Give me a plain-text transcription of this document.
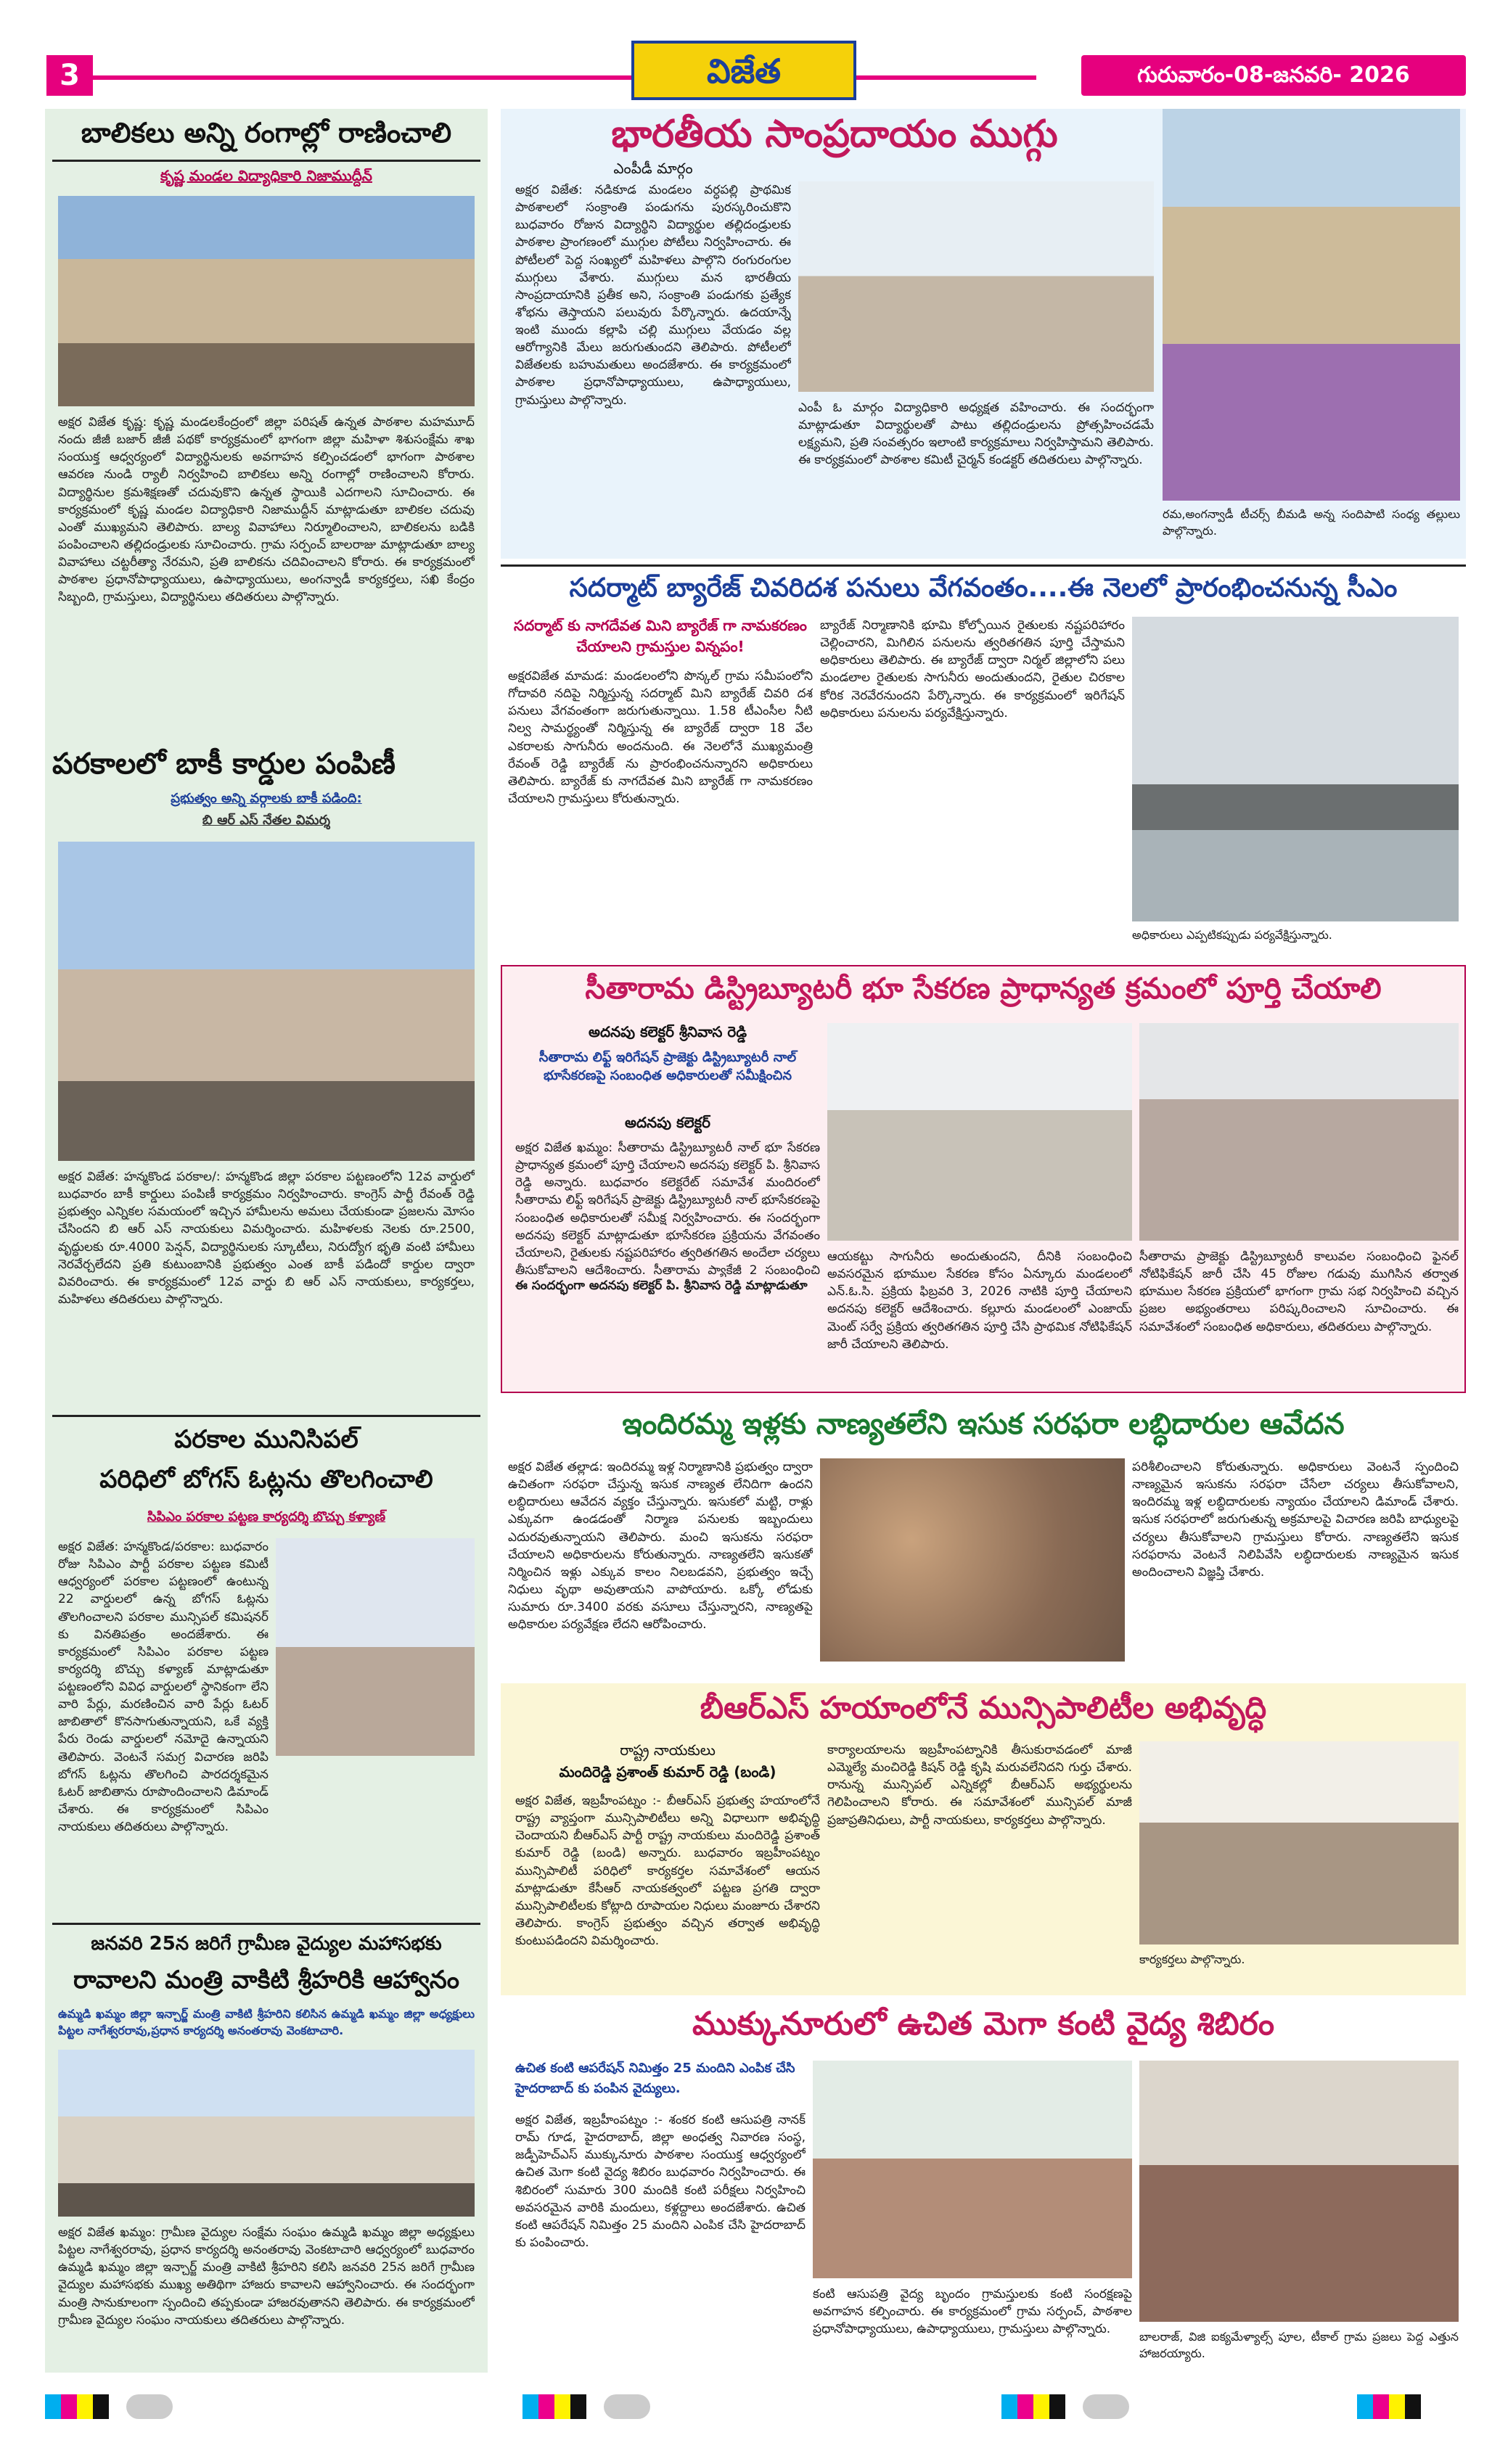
3	విజేత	గురువారం-08-జనవరి- 2026
బాలికలు అన్ని రంగాల్లో రాణించాలి
కృష్ణ మండల విద్యాధికారి నిజాముద్దీన్
అక్షర విజేత కృష్ణ: కృష్ణ మండలకేంద్రంలో జిల్లా పరిషత్ ఉన్నత పాఠశాల మహమూద్ నందు జీజీ బజార్ జీజీ పథకో కార్యక్రమంలో భాగంగా జిల్లా మహిళా శిశుసంక్షేమ శాఖ సంయుక్త ఆధ్వర్యంలో విద్యార్థినులకు అవగాహన కల్పించడంలో భాగంగా పాఠశాల ఆవరణ నుండి ర్యాలీ నిర్వహించి బాలికలు అన్ని రంగాల్లో రాణించాలని కోరారు. విద్యార్థినుల క్రమశిక్షణతో చదువుకొని ఉన్నత స్థాయికి ఎదగాలని సూచించారు. ఈ కార్యక్రమంలో కృష్ణ మండల విద్యాధికారి నిజాముద్దీన్ మాట్లాడుతూ బాలికల చదువు ఎంతో ముఖ్యమని తెలిపారు. బాల్య వివాహాలు నిర్మూలించాలని, బాలికలను బడికి పంపించాలని తల్లిదండ్రులకు సూచించారు. గ్రామ సర్పంచ్ బాలరాజు మాట్లాడుతూ బాల్య వివాహాలు చట్టరీత్యా నేరమని, ప్రతి బాలికను చదివించాలని కోరారు. ఈ కార్యక్రమంలో పాఠశాల ప్రధానోపాధ్యాయులు, ఉపాధ్యాయులు, అంగన్వాడీ కార్యకర్తలు, సఖి కేంద్రం సిబ్బంది, గ్రామస్తులు, విద్యార్థినులు తదితరులు పాల్గొన్నారు.
పరకాలలో బాకీ కార్డుల పంపిణీ
ప్రభుత్వం అన్ని వర్గాలకు బాకీ పడింది:
బి ఆర్ ఎస్ నేతల విమర్శ
అక్షర విజేత: హన్మకొండ పరకాల/: హన్మకొండ జిల్లా పరకాల పట్టణంలోని 12వ వార్డులో బుధవారం బాకీ కార్డులు పంపిణీ కార్యక్రమం నిర్వహించారు. కాంగ్రెస్ పార్టీ రేవంత్ రెడ్డి ప్రభుత్వం ఎన్నికల సమయంలో ఇచ్చిన హామీలను అమలు చేయకుండా ప్రజలను మోసం చేసిందని బి ఆర్ ఎస్ నాయకులు విమర్శించారు. మహిళలకు నెలకు రూ.2500, వృద్ధులకు రూ.4000 పెన్షన్, విద్యార్థినులకు స్కూటీలు, నిరుద్యోగ భృతి వంటి హామీలు నెరవేర్చలేదని ప్రతి కుటుంబానికి ప్రభుత్వం ఎంత బాకీ పడిందో కార్డుల ద్వారా వివరించారు. ఈ కార్యక్రమంలో 12వ వార్డు బి ఆర్ ఎస్ నాయకులు, కార్యకర్తలు, మహిళలు తదితరులు పాల్గొన్నారు.
పరకాల మునిసిపల్
పరిధిలో బోగస్ ఓట్లను తొలగించాలి
సిపిఎం పరకాల పట్టణ కార్యదర్శి బొచ్చు కళ్యాణ్
అక్షర విజేత: హన్మకొండ/పరకాల: బుధవారం రోజు సిపిఎం పార్టీ పరకాల పట్టణ కమిటీ ఆధ్వర్యంలో పరకాల పట్టణంలో ఉంటున్న 22 వార్డులలో ఉన్న బోగస్ ఓట్లను తొలగించాలని పరకాల మున్సిపల్ కమిషనర్ కు వినతిపత్రం అందజేశారు. ఈ కార్యక్రమంలో సిపిఎం పరకాల పట్టణ కార్యదర్శి బొచ్చు కళ్యాణ్ మాట్లాడుతూ పట్టణంలోని వివిధ వార్డులలో స్థానికంగా లేని వారి పేర్లు, మరణించిన వారి పేర్లు ఓటర్ జాబితాలో కొనసాగుతున్నాయని, ఒకే వ్యక్తి పేరు రెండు వార్డులలో నమోదై ఉన్నాయని తెలిపారు. వెంటనే సమగ్ర విచారణ జరిపి బోగస్ ఓట్లను తొలగించి పారదర్శకమైన ఓటర్ జాబితాను రూపొందించాలని డిమాండ్ చేశారు. ఈ కార్యక్రమంలో సిపిఎం నాయకులు తదితరులు పాల్గొన్నారు.
జనవరి 25న జరిగే గ్రామీణ వైద్యుల మహాసభకు
రావాలని మంత్రి వాకిటి శ్రీహరికి ఆహ్వానం
ఉమ్మడి ఖమ్మం జిల్లా ఇన్చార్జ్ మంత్రి వాకిటి శ్రీహరిని కలిసిన ఉమ్మడి ఖమ్మం జిల్లా అధ్యక్షులు పిట్టల నాగేశ్వరరావు,ప్రధాన కార్యదర్శి అనంతరావు వెంకటాచారి.
అక్షర విజేత ఖమ్మం: గ్రామీణ వైద్యుల సంక్షేమ సంఘం ఉమ్మడి ఖమ్మం జిల్లా అధ్యక్షులు పిట్టల నాగేశ్వరరావు, ప్రధాన కార్యదర్శి అనంతరావు వెంకటాచారి ఆధ్వర్యంలో బుధవారం ఉమ్మడి ఖమ్మం జిల్లా ఇన్చార్జ్ మంత్రి వాకిటి శ్రీహరిని కలిసి జనవరి 25న జరిగే గ్రామీణ వైద్యుల మహాసభకు ముఖ్య అతిథిగా హాజరు కావాలని ఆహ్వానించారు. ఈ సందర్భంగా మంత్రి సానుకూలంగా స్పందించి తప్పకుండా హాజరవుతానని తెలిపారు. ఈ కార్యక్రమంలో గ్రామీణ వైద్యుల సంఘం నాయకులు తదితరులు పాల్గొన్నారు.
భారతీయ సాంప్రదాయం ముగ్గు
ఎంపీడీ మార్గం
అక్షర విజేత: నడికూడ మండలం వర్ధపల్లి ప్రాథమిక పాఠశాలలో సంక్రాంతి పండుగను పురస్కరించుకొని బుధవారం రోజున విద్యార్థిని విద్యార్థుల తల్లిదండ్రులకు పాఠశాల ప్రాంగణంలో ముగ్గుల పోటీలు నిర్వహించారు. ఈ పోటీలలో పెద్ద సంఖ్యలో మహిళలు పాల్గొని రంగురంగుల ముగ్గులు వేశారు. ముగ్గులు మన భారతీయ సాంప్రదాయానికి ప్రతీక అని, సంక్రాంతి పండుగకు ప్రత్యేక శోభను తెస్తాయని పలువురు పేర్కొన్నారు. ఉదయాన్నే ఇంటి ముందు కల్లాపి చల్లి ముగ్గులు వేయడం వల్ల ఆరోగ్యానికి మేలు జరుగుతుందని తెలిపారు. పోటీలలో విజేతలకు బహుమతులు అందజేశారు. ఈ కార్యక్రమంలో పాఠశాల ప్రధానోపాధ్యాయులు, ఉపాధ్యాయులు, గ్రామస్తులు పాల్గొన్నారు.
ఎంపీ ఓ మార్గం విద్యాధికారి అధ్యక్షత వహించారు. ఈ సందర్భంగా మాట్లాడుతూ విద్యార్థులతో పాటు తల్లిదండ్రులను ప్రోత్సహించడమే లక్ష్యమని, ప్రతి సంవత్సరం ఇలాంటి కార్యక్రమాలు నిర్వహిస్తామని తెలిపారు. ఈ కార్యక్రమంలో పాఠశాల కమిటీ చైర్మన్ కండక్టర్ తదితరులు పాల్గొన్నారు.
రమ,అంగన్వాడీ టీచర్స్ బీమడి అన్న సందిపాటి సంధ్య తల్లులు పాల్గొన్నారు.
సదర్మాట్ బ్యారేజ్ చివరిదశ పనులు వేగవంతం....ఈ నెలలో ప్రారంభించనున్న సీఎం
సదర్మాట్ కు నాగదేవత మిని బ్యారేజ్ గా నామకరణం చేయాలని గ్రామస్తుల విన్నపం!
అక్షరవిజేత మామడ: మండలంలోని పొన్కల్ గ్రామ సమీపంలోని గోదావరి నదిపై నిర్మిస్తున్న సదర్మాట్ మిని బ్యారేజ్ చివరి దశ పనులు వేగవంతంగా జరుగుతున్నాయి. 1.58 టీఎంసీల నీటి నిల్వ సామర్థ్యంతో నిర్మిస్తున్న ఈ బ్యారేజ్ ద్వారా 18 వేల ఎకరాలకు సాగునీరు అందనుంది. ఈ నెలలోనే ముఖ్యమంత్రి రేవంత్ రెడ్డి బ్యారేజ్ ను ప్రారంభించనున్నారని అధికారులు తెలిపారు. బ్యారేజ్ కు నాగదేవత మిని బ్యారేజ్ గా నామకరణం చేయాలని గ్రామస్తులు కోరుతున్నారు.
బ్యారేజ్ నిర్మాణానికి భూమి కోల్పోయిన రైతులకు నష్టపరిహారం చెల్లించారని, మిగిలిన పనులను త్వరితగతిన పూర్తి చేస్తామని అధికారులు తెలిపారు. ఈ బ్యారేజ్ ద్వారా నిర్మల్ జిల్లాలోని పలు మండలాల రైతులకు సాగునీరు అందుతుందని, రైతుల చిరకాల కోరిక నెరవేరనుందని పేర్కొన్నారు. ఈ కార్యక్రమంలో ఇరిగేషన్ అధికారులు పనులను పర్యవేక్షిస్తున్నారు.
అధికారులు ఎప్పటికప్పుడు పర్యవేక్షిస్తున్నారు.
సీతారామ డిస్ట్రిబ్యూటరీ భూ సేకరణ ప్రాధాన్యత క్రమంలో పూర్తి చేయాలి
అదనపు కలెక్టర్ శ్రీనివాస రెడ్డి
సీతారామ లిఫ్ట్ ఇరిగేషన్ ప్రాజెక్టు డిస్ట్రిబ్యూటరీ నాల్ భూసేకరణపై సంబంధిత అధికారులతో సమీక్షించిన
అదనపు కలెక్టర్
అక్షర విజేత ఖమ్మం: సీతారామ డిస్ట్రిబ్యూటరీ నాల్ భూ సేకరణ ప్రాధాన్యత క్రమంలో పూర్తి చేయాలని అదనపు కలెక్టర్ పి. శ్రీనివాస రెడ్డి అన్నారు. బుధవారం కలెక్టరేట్ సమావేశ మందిరంలో సీతారామ లిఫ్ట్ ఇరిగేషన్ ప్రాజెక్టు డిస్ట్రిబ్యూటరీ నాల్ భూసేకరణపై సంబంధిత అధికారులతో సమీక్ష నిర్వహించారు. ఈ సందర్భంగా అదనపు కలెక్టర్ మాట్లాడుతూ భూసేకరణ ప్రక్రియను వేగవంతం చేయాలని, రైతులకు నష్టపరిహారం త్వరితగతిన అందేలా చర్యలు తీసుకోవాలని ఆదేశించారు. సీతారామ ప్యాకేజీ 2 సంబంధించి
ఈ సందర్భంగా అదనపు కలెక్టర్ పి. శ్రీనివాస రెడ్డి మాట్లాడుతూ
ఆయకట్టు సాగునీరు అందుతుందని, దీనికి సంబంధించి అవసరమైన భూముల సేకరణ కోసం ఏన్కూరు మండలంలో ఎన్.ఓ.సి. ప్రక్రియ ఫిబ్రవరి 3, 2026 నాటికి పూర్తి చేయాలని అదనపు కలెక్టర్ ఆదేశించారు. కల్లూరు మండలంలో ఎంజాయ్ మెంట్ సర్వే ప్రక్రియ త్వరితగతిన పూర్తి చేసి ప్రాథమిక నోటిఫికేషన్ జారీ చేయాలని తెలిపారు.
సీతారామ ప్రాజెక్టు డిస్ట్రిబ్యూటరీ కాలువల సంబంధించి ఫైనల్ నోటిఫికేషన్ జారీ చేసి 45 రోజుల గడువు ముగిసిన తర్వాత భూముల సేకరణ ప్రక్రియలో భాగంగా గ్రామ సభ నిర్వహించి వచ్చిన ప్రజల అభ్యంతరాలు పరిష్కరించాలని సూచించారు. ఈ సమావేశంలో సంబంధిత అధికారులు, తదితరులు పాల్గొన్నారు.
ఇందిరమ్మ ఇళ్లకు నాణ్యతలేని ఇసుక సరఫరా లబ్ధిదారుల ఆవేదన
అక్షర విజేత తల్లాడ: ఇందిరమ్మ ఇళ్ల నిర్మాణానికి ప్రభుత్వం ద్వారా ఉచితంగా సరఫరా చేస్తున్న ఇసుక నాణ్యత లేనిదిగా ఉందని లబ్ధిదారులు ఆవేదన వ్యక్తం చేస్తున్నారు. ఇసుకలో మట్టి, రాళ్లు ఎక్కువగా ఉండడంతో నిర్మాణ పనులకు ఇబ్బందులు ఎదురవుతున్నాయని తెలిపారు. మంచి ఇసుకను సరఫరా చేయాలని అధికారులను కోరుతున్నారు. నాణ్యతలేని ఇసుకతో నిర్మించిన ఇళ్లు ఎక్కువ కాలం నిలబడవని, ప్రభుత్వం ఇచ్చే నిధులు వృథా అవుతాయని వాపోయారు. ఒక్కో లోడుకు సుమారు రూ.3400 వరకు వసూలు చేస్తున్నారని, నాణ్యతపై అధికారుల పర్యవేక్షణ లేదని ఆరోపించారు.
పరిశీలించాలని కోరుతున్నారు. అధికారులు వెంటనే స్పందించి నాణ్యమైన ఇసుకను సరఫరా చేసేలా చర్యలు తీసుకోవాలని, ఇందిరమ్మ ఇళ్ల లబ్ధిదారులకు న్యాయం చేయాలని డిమాండ్ చేశారు. ఇసుక సరఫరాలో జరుగుతున్న అక్రమాలపై విచారణ జరిపి బాధ్యులపై చర్యలు తీసుకోవాలని గ్రామస్తులు కోరారు. నాణ్యతలేని ఇసుక సరఫరాను వెంటనే నిలిపివేసి లబ్ధిదారులకు నాణ్యమైన ఇసుక అందించాలని విజ్ఞప్తి చేశారు.
బీఆర్ఎస్ హయాంలోనే మున్సిపాలిటీల అభివృద్ధి
రాష్ట్ర నాయకులు
మందిరెడ్డి ప్రశాంత్ కుమార్ రెడ్డి (బండి)
అక్షర విజేత, ఇబ్రహీంపట్నం :- బీఆర్ఎస్ ప్రభుత్వ హయాంలోనే రాష్ట్ర వ్యాప్తంగా మున్సిపాలిటీలు అన్ని విధాలుగా అభివృద్ధి చెందాయని బీఆర్ఎస్ పార్టీ రాష్ట్ర నాయకులు మందిరెడ్డి ప్రశాంత్ కుమార్ రెడ్డి (బండి) అన్నారు. బుధవారం ఇబ్రహీంపట్నం మున్సిపాలిటీ పరిధిలో కార్యకర్తల సమావేశంలో ఆయన మాట్లాడుతూ కేసీఆర్ నాయకత్వంలో పట్టణ ప్రగతి ద్వారా మున్సిపాలిటీలకు కోట్లాది రూపాయల నిధులు మంజూరు చేశారని తెలిపారు. కాంగ్రెస్ ప్రభుత్వం వచ్చిన తర్వాత అభివృద్ధి కుంటుపడిందని విమర్శించారు.
కార్యాలయాలను ఇబ్రహీంపట్నానికి తీసుకురావడంలో మాజీ ఎమ్మెల్యే మంచిరెడ్డి కిషన్ రెడ్డి కృషి మరువలేనిదని గుర్తు చేశారు. రానున్న మున్సిపల్ ఎన్నికల్లో బీఆర్ఎస్ అభ్యర్థులను గెలిపించాలని కోరారు. ఈ సమావేశంలో మున్సిపల్ మాజీ ప్రజాప్రతినిధులు, పార్టీ నాయకులు, కార్యకర్తలు పాల్గొన్నారు.
కార్యకర్తలు పాల్గొన్నారు.
ముక్కునూరులో ఉచిత మెగా కంటి వైద్య శిబిరం
ఉచిత కంటి ఆపరేషన్ నిమిత్తం 25 మందిని ఎంపిక చేసి
హైదరాబాద్ కు పంపిన వైద్యులు.
అక్షర విజేత, ఇబ్రహీంపట్నం :- శంకర కంటి ఆసుపత్రి నానక్ రామ్ గూడ, హైదరాబాద్, జిల్లా అంధత్వ నివారణ సంస్థ, జడ్పీహెచ్ఎస్ ముక్కునూరు పాఠశాల సంయుక్త ఆధ్వర్యంలో ఉచిత మెగా కంటి వైద్య శిబిరం బుధవారం నిర్వహించారు. ఈ శిబిరంలో సుమారు 300 మందికి కంటి పరీక్షలు నిర్వహించి అవసరమైన వారికి మందులు, కళ్లద్దాలు అందజేశారు. ఉచిత కంటి ఆపరేషన్ నిమిత్తం 25 మందిని ఎంపిక చేసి హైదరాబాద్ కు పంపించారు.
కంటి ఆసుపత్రి వైద్య బృందం గ్రామస్తులకు కంటి సంరక్షణపై అవగాహన కల్పించారు. ఈ కార్యక్రమంలో గ్రామ సర్పంచ్, పాఠశాల ప్రధానోపాధ్యాయులు, ఉపాధ్యాయులు, గ్రామస్తులు పాల్గొన్నారు.
బాలరాజ్, విజి ఐక్యమేళ్యాల్స్ పూల, టీకాల్ గ్రామ ప్రజలు పెద్ద ఎత్తున హాజరయ్యారు.
